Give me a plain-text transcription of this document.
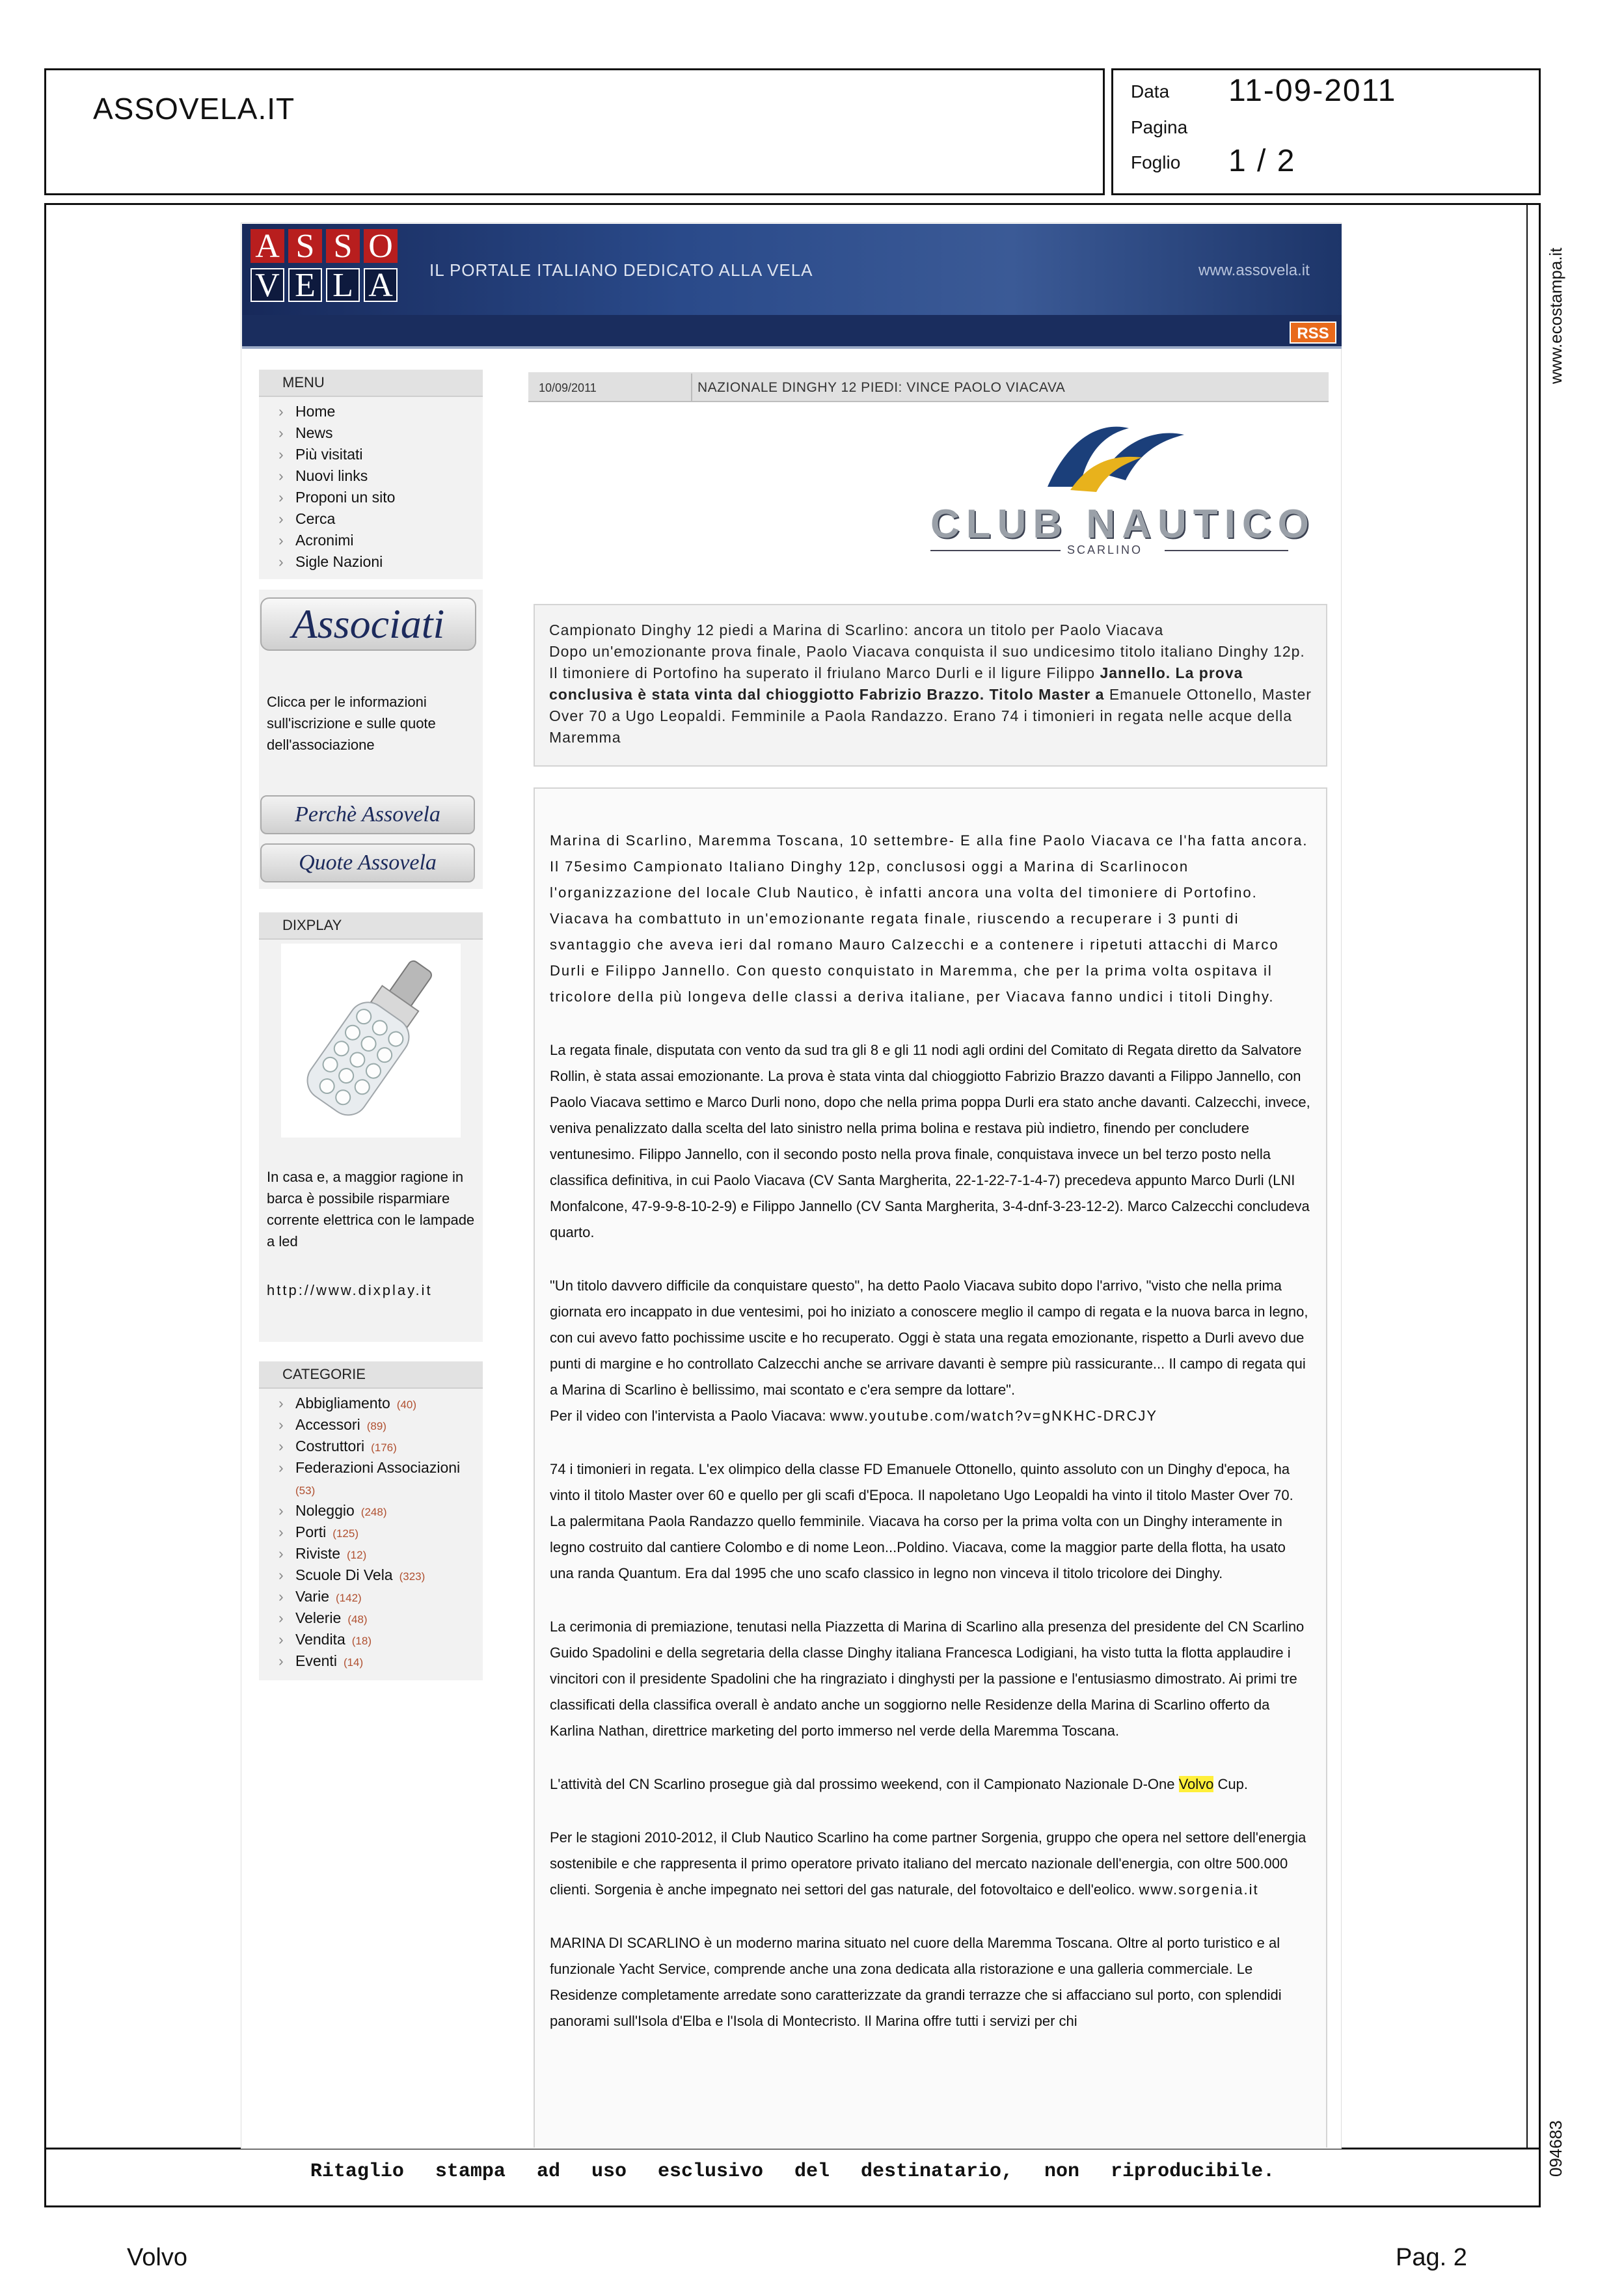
ASSOVELA.IT
Data 11-09-2011
Pagina
Foglio 1 / 2
Ritaglio stampa ad uso esclusivo del destinatario, non riproducibile.
www.ecostampa.it
094683
Volvo	Pag. 2
A S S O
V E L A IL PORTALE ITALIANO DEDICATO ALLA VELA	www.assovela.it
RSS
MENU
› Home
› News
› Più visitati
› Nuovi links
› Proponi un sito
› Cerca
› Acronimi
› Sigle Nazioni
Associati
Clicca per le informazioni sull'iscrizione e sulle quote dell'associazione
Perchè Assovela
Quote Assovela
DIXPLAY
In casa e, a maggior ragione in barca è possibile risparmiare corrente elettrica con le lampade a led
http://www.dixplay.it
CATEGORIE
› Abbigliamento (40)
› Accessori (89)
› Costruttori (176)
› Federazioni Associazioni
(53)
› Noleggio (248)
› Porti (125)
› Riviste (12)
› Scuole Di Vela (323)
› Varie (142)
› Velerie (48)
› Vendita (18)
› Eventi (14)
10/09/2011	NAZIONALE DINGHY 12 PIEDI: VINCE PAOLO VIACAVA
CLUB NAUTICO
SCARLINO
Campionato Dinghy 12 piedi a Marina di Scarlino: ancora un titolo per Paolo Viacava
Dopo un'emozionante prova finale, Paolo Viacava conquista il suo undicesimo titolo italiano Dinghy 12p. Il timoniere di Portofino ha superato il friulano Marco Durli e il ligure Filippo Jannello. La prova conclusiva è stata vinta dal chioggiotto Fabrizio Brazzo. Titolo Master a Emanuele Ottonello, Master Over 70 a Ugo Leopaldi. Femminile a Paola Randazzo. Erano 74 i timonieri in regata nelle acque della Maremma

Marina di Scarlino, Maremma Toscana, 10 settembre- E alla fine Paolo Viacava ce l'ha fatta ancora. Il 75esimo Campionato Italiano Dinghy 12p, conclusosi oggi a Marina di Scarlinocon l'organizzazione del locale Club Nautico, è infatti ancora una volta del timoniere di Portofino. Viacava ha combattuto in un'emozionante regata finale, riuscendo a recuperare i 3 punti di svantaggio che aveva ieri dal romano Mauro Calzecchi e a contenere i ripetuti attacchi di Marco Durli e Filippo Jannello. Con questo conquistato in Maremma, che per la prima volta ospitava il tricolore della più longeva delle classi a deriva italiane, per Viacava fanno undici i titoli Dinghy.

La regata finale, disputata con vento da sud tra gli 8 e gli 11 nodi agli ordini del Comitato di Regata diretto da Salvatore Rollin, è stata assai emozionante. La prova è stata vinta dal chioggiotto Fabrizio Brazzo davanti a Filippo Jannello, con Paolo Viacava settimo e Marco Durli nono, dopo che nella prima poppa Durli era stato anche davanti. Calzecchi, invece, veniva penalizzato dalla scelta del lato sinistro nella prima bolina e restava più indietro, finendo per concludere ventunesimo. Filippo Jannello, con il secondo posto nella prova finale, conquistava invece un bel terzo posto nella classifica definitiva, in cui Paolo Viacava (CV Santa Margherita, 22-1-22-7-1-4-7) precedeva appunto Marco Durli (LNI Monfalcone, 47-9-9-8-10-2-9) e Filippo Jannello (CV Santa Margherita, 3-4-dnf-3-23-12-2). Marco Calzecchi concludeva quarto.

"Un titolo davvero difficile da conquistare questo", ha detto Paolo Viacava subito dopo l'arrivo, "visto che nella prima giornata ero incappato in due ventesimi, poi ho iniziato a conoscere meglio il campo di regata e la nuova barca in legno, con cui avevo fatto pochissime uscite e ho recuperato. Oggi è stata una regata emozionante, rispetto a Durli avevo due punti di margine e ho controllato Calzecchi anche se arrivare davanti è sempre più rassicurante... Il campo di regata qui a Marina di Scarlino è bellissimo, mai scontato e c'era sempre da lottare".
Per il video con l'intervista a Paolo Viacava: www.youtube.com/watch?v=gNKHC-DRCJY

74 i timonieri in regata. L'ex olimpico della classe FD Emanuele Ottonello, quinto assoluto con un Dinghy d'epoca, ha vinto il titolo Master over 60 e quello per gli scafi d'Epoca. Il napoletano Ugo Leopaldi ha vinto il titolo Master Over 70. La palermitana Paola Randazzo quello femminile. Viacava ha corso per la prima volta con un Dinghy interamente in legno costruito dal cantiere Colombo e di nome Leon...Poldino. Viacava, come la maggior parte della flotta, ha usato una randa Quantum. Era dal 1995 che uno scafo classico in legno non vinceva il titolo tricolore dei Dinghy.

La cerimonia di premiazione, tenutasi nella Piazzetta di Marina di Scarlino alla presenza del presidente del CN Scarlino Guido Spadolini e della segretaria della classe Dinghy italiana Francesca Lodigiani, ha visto tutta la flotta applaudire i vincitori con il presidente Spadolini che ha ringraziato i dinghysti per la passione e l'entusiasmo dimostrato. Ai primi tre classificati della classifica overall è andato anche un soggiorno nelle Residenze della Marina di Scarlino offerto da Karlina Nathan, direttrice marketing del porto immerso nel verde della Maremma Toscana.

L'attività del CN Scarlino prosegue già dal prossimo weekend, con il Campionato Nazionale D-One Volvo Cup.

Per le stagioni 2010-2012, il Club Nautico Scarlino ha come partner Sorgenia, gruppo che opera nel settore dell'energia sostenibile e che rappresenta il primo operatore privato italiano del mercato nazionale dell'energia, con oltre 500.000 clienti. Sorgenia è anche impegnato nei settori del gas naturale, del fotovoltaico e dell'eolico. www.sorgenia.it

MARINA DI SCARLINO è un moderno marina situato nel cuore della Maremma Toscana. Oltre al porto turistico e al funzionale Yacht Service, comprende anche una zona dedicata alla ristorazione e una galleria commerciale. Le Residenze completamente arredate sono caratterizzate da grandi terrazze che si affacciano sul porto, con splendidi panorami sull'Isola d'Elba e l'Isola di Montecristo. Il Marina offre tutti i servizi per chi
